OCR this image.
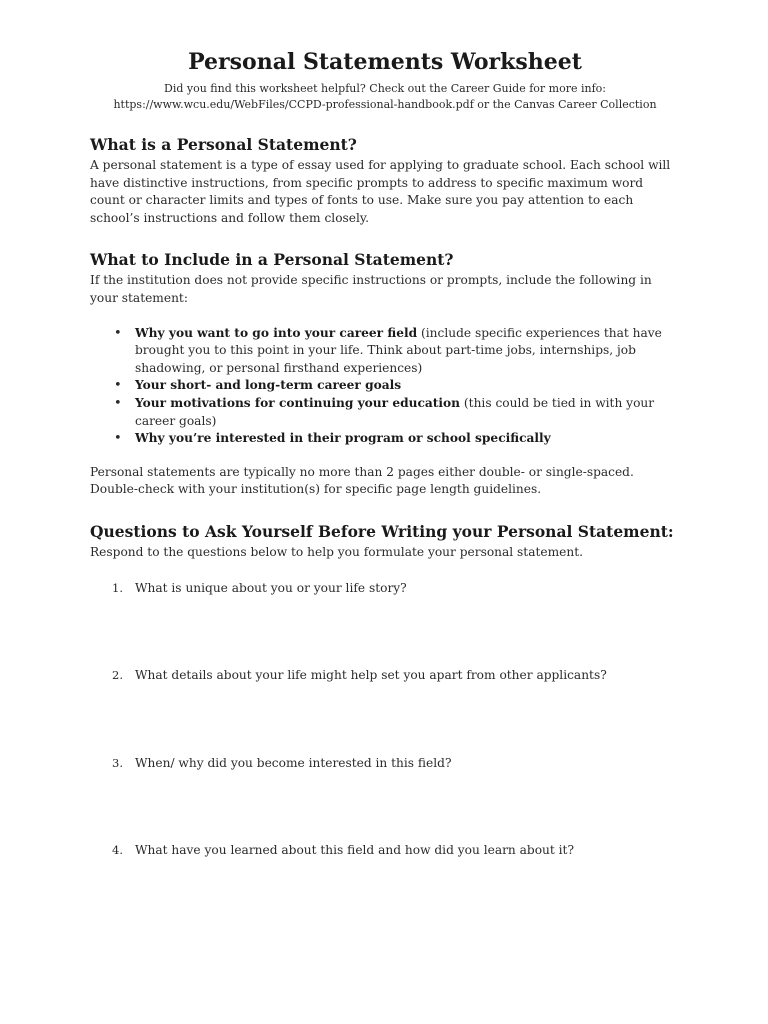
Personal Statements Worksheet

Did you find this worksheet helpful? Check out the Career Guide for more info:

https://www.wcu.edu/WebFiles/CCPD-professional-handbook.pdf or the Canvas Career Collection

What is a Personal Statement?

A personal statement is a type of essay used for applying to graduate school. Each school will have distinctive instructions, from specific prompts to address to specific maximum word count or character limits and types of fonts to use. Make sure you pay attention to each school’s instructions and follow them closely.

What to Include in a Personal Statement?

If the institution does not provide specific instructions or prompts, include the following in your statement:

• Why you want to go into your career field (include specific experiences that have brought you to this point in your life. Think about part-time jobs, internships, job shadowing, or personal firsthand experiences)
• Your short- and long-term career goals
• Your motivations for continuing your education (this could be tied in with your career goals)
• Why you’re interested in their program or school specifically

Personal statements are typically no more than 2 pages either double- or single-spaced. Double-check with your institution(s) for specific page length guidelines.

Questions to Ask Yourself Before Writing your Personal Statement:

Respond to the questions below to help you formulate your personal statement.

1. What is unique about you or your life story?
2. What details about your life might help set you apart from other applicants?
3. When/ why did you become interested in this field?
4. What have you learned about this field and how did you learn about it?
